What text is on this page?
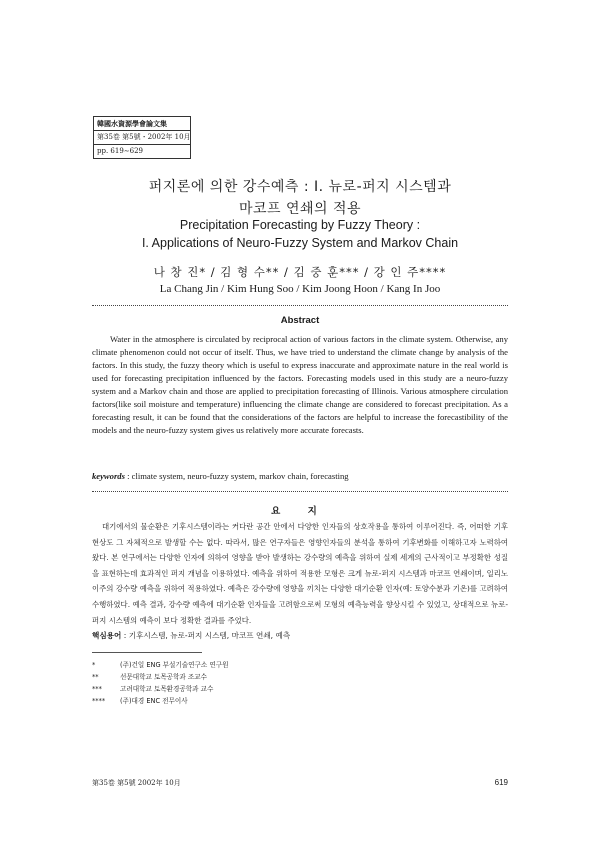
韓國水資源學會論文集
第35卷 第5號・2002年 10月
pp. 619∼629
퍼지론에 의한 강수예측 : I. 뉴로-퍼지 시스템과
마코프 연쇄의 적용
Precipitation Forecasting by Fuzzy Theory :
I. Applications of Neuro-Fuzzy System and Markov Chain
나 창 진* / 김 형 수** / 김 중 훈*** / 강 인 주****
La Chang Jin / Kim Hung Soo / Kim Joong Hoon / Kang In Joo
Abstract

Water in the atmosphere is circulated by reciprocal action of various factors in the climate system. Otherwise, any climate phenomenon could not occur of itself. Thus, we have tried to understand the climate change by analysis of the factors. In this study, the fuzzy theory which is useful to express inaccurate and approximate nature in the real world is used for forecasting precipitation influenced by the factors. Forecasting models used in this study are a neuro-fuzzy system and a Markov chain and those are applied to precipitation forecasting of Illinois. Various atmosphere circulation factors(like soil moisture and temperature) influencing the climate change are considered to forecast precipitation. As a forecasting result, it can be found that the considerations of the factors are helpful to increase the forecastibility of the models and the neuro-fuzzy system gives us relatively more accurate forecasts.

keywords : climate system, neuro-fuzzy system, markov chain, forecasting
요 지

대기에서의 물순환은 기후시스템이라는 커다란 공간 안에서 다양한 인자들의 상호작용을 통하여 이루어진다. 즉, 어떠한 기후 현상도 그 자체적으로 발생할 수는 없다. 따라서, 많은 연구자들은 영향인자들의 분석을 통하여 기후변화를 이해하고자 노력하여 왔다. 본 연구에서는 다양한 인자에 의하여 영향을 받아 발생하는 강수량의 예측을 위하여 실제 세계의 근사적이고 부정확한 성질을 표현하는데 효과적인 퍼지 개념을 이용하였다. 예측을 위하여 적용한 모형은 크게 뉴로-퍼지 시스템과 마코프 연쇄이며, 일리노이주의 강수량 예측을 위하여 적용하였다. 예측은 강수량에 영향을 끼치는 다양한 대기순환 인자(예: 토양수분과 기온)를 고려하여 수행하였다. 예측 결과, 강수량 예측에 대기순환 인자들을 고려함으로써 모형의 예측능력을 향상시킬 수 있었고, 상대적으로 뉴로-퍼지 시스템의 예측이 보다 정확한 결과를 주었다.

핵심용어 : 기후시스템, 뉴로-퍼지 시스템, 마코프 연쇄, 예측
*	(주)건일 ENG 부설기술연구소 연구원
**	선문대학교 토목공학과 조교수
***	고려대학교 토목환경공학과 교수
**** (주)대경 ENC 전무이사
第35卷 第5號 2002年 10月	619
